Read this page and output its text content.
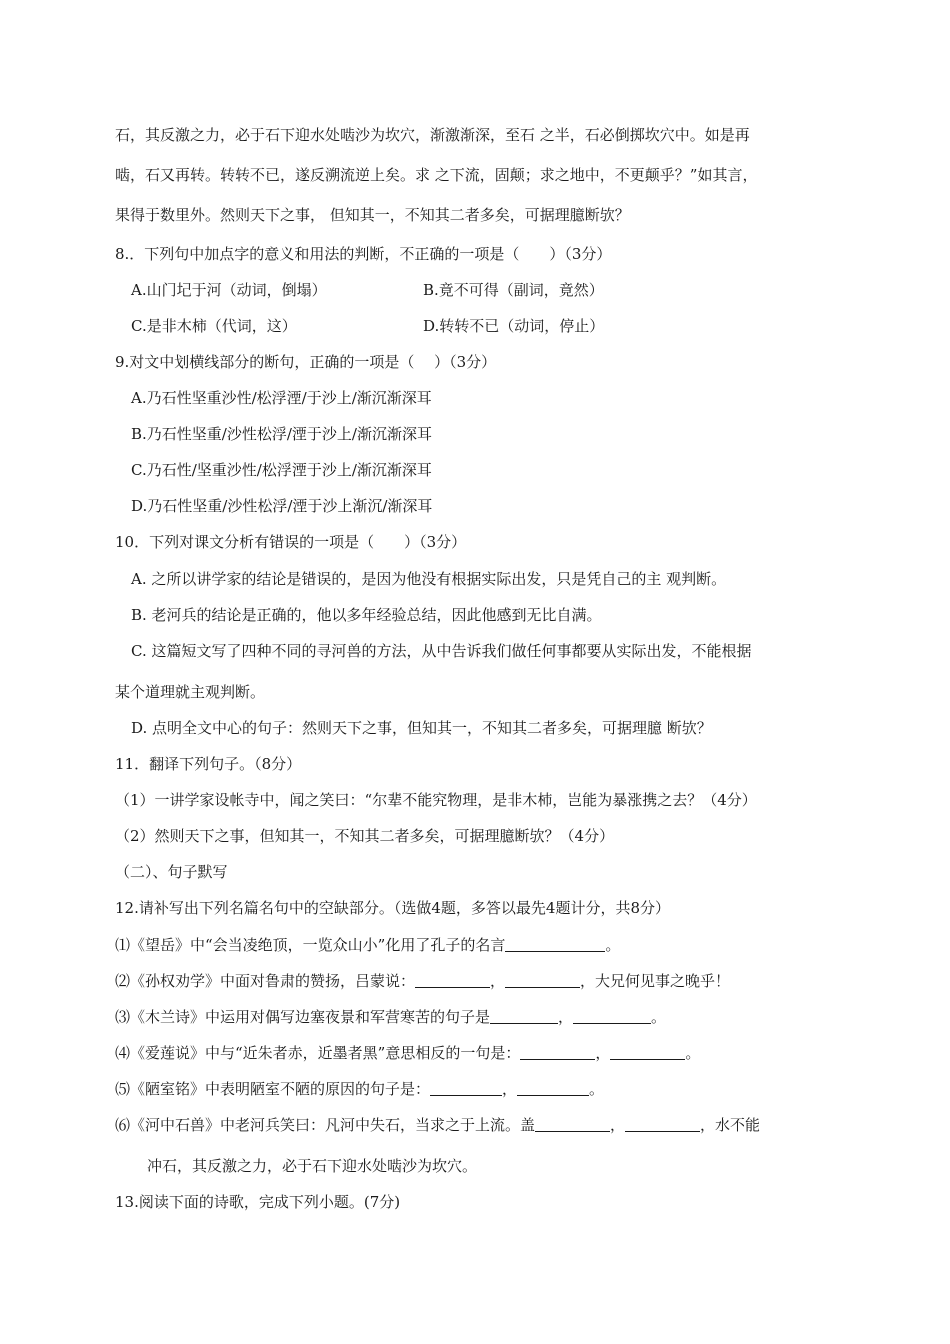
石，其反激之力，必于石下迎水处啮沙为坎穴，渐激渐深，至石 之半，石必倒掷坎穴中。如是再
啮，石又再转。转转不已，遂反溯流逆上矣。求 之下流，固颠；求之地中，不更颠乎？”如其言，
果得于数里外。然则天下之事， 但知其一，不知其二者多矣，可据理臆断欤？
8.．下列句中加点字的意义和用法的判断，不正确的一项是（　　）（3分）
A.山门圮于河（动词，倒塌）	B.竟不可得（副词，竟然）
C.是非木柿（代词，这）	D.转转不已（动词，停止）
9.对文中划横线部分的断句，正确的一项是（　 ）（3分）
A.乃石性坚重沙性/松浮湮/于沙上/渐沉渐深耳
B.乃石性坚重/沙性松浮/湮于沙上/渐沉渐深耳
C.乃石性/坚重沙性/松浮湮于沙上/渐沉渐深耳
D.乃石性坚重/沙性松浮/湮于沙上渐沉/渐深耳
10．下列对课文分析有错误的一项是（　　）（3分）
A. 之所以讲学家的结论是错误的，是因为他没有根据实际出发，只是凭自己的主 观判断。
B. 老河兵的结论是正确的，他以多年经验总结，因此他感到无比自满。
C. 这篇短文写了四种不同的寻河兽的方法，从中告诉我们做任何事都要从实际出发，不能根据
某个道理就主观判断。
D. 点明全文中心的句子：然则天下之事，但知其一，不知其二者多矣，可据理臆 断欤？
11．翻译下列句子。（8分）
（1）一讲学家设帐寺中，闻之笑曰：“尔辈不能究物理，是非木杮，岂能为暴涨携之去？（4分）
（2）然则天下之事，但知其一，不知其二者多矣，可据理臆断欤？（4分）
（二）、句子默写
12.请补写出下列名篇名句中的空缺部分。（选做4题，多答以最先4题计分，共8分）
⑴《望岳》中“会当凌绝顶，一览众山小”化用了孔子的名言	。
⑵《孙权劝学》中面对鲁肃的赞扬，吕蒙说：	，	，大兄何见事之晚乎！
⑶《木兰诗》中运用对偶写边塞夜景和军营寒苦的句子是	，	。
⑷《爱莲说》中与“近朱者赤，近墨者黑”意思相反的一句是：	，	。
⑸《陋室铭》中表明陋室不陋的原因的句子是：	，	。
⑹《河中石兽》中老河兵笑曰：凡河中失石，当求之于上流。盖	，	，水不能
冲石，其反激之力，必于石下迎水处啮沙为坎穴。
13.阅读下面的诗歌，完成下列小题。(7分)
